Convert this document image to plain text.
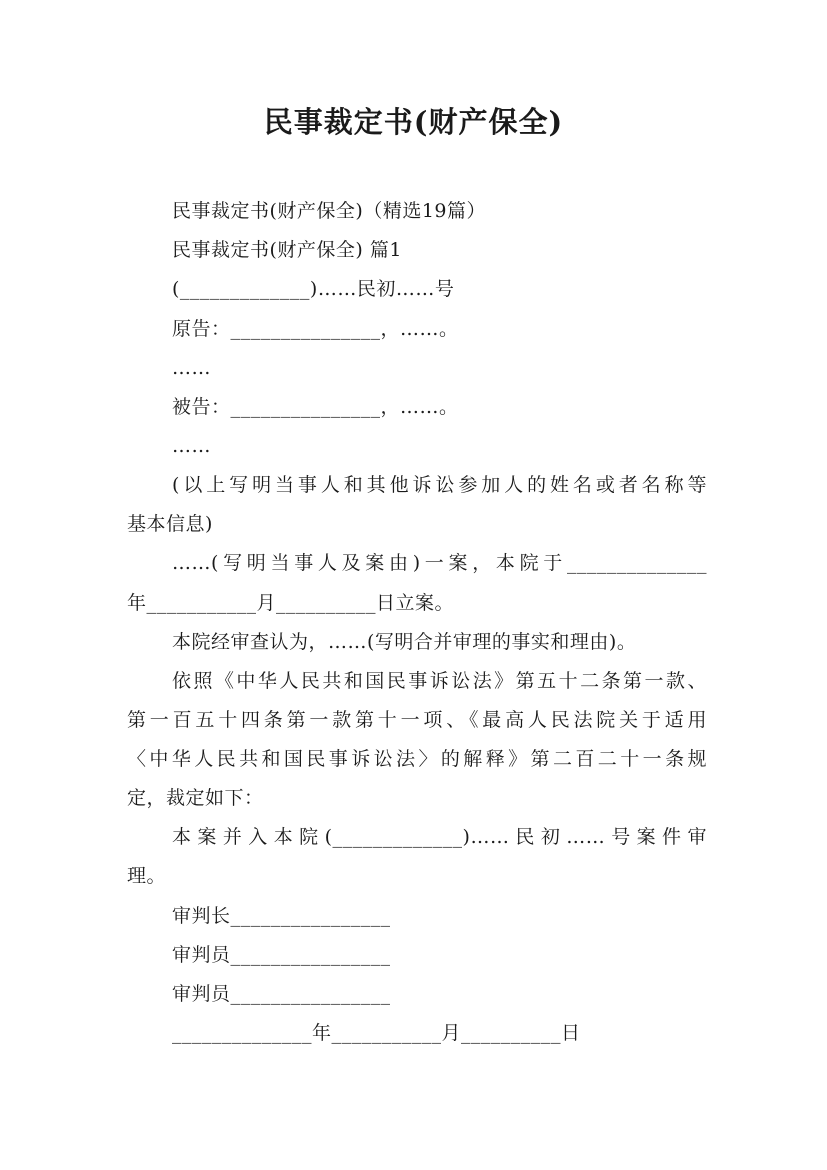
民事裁定书(财产保全)
民事裁定书(财产保全)（精选19篇）
民事裁定书(财产保全) 篇1
(_____________)……民初……号
原告：_______________，……。
……
被告：_______________，……。
……
(以上写明当事人和其他诉讼参加人的姓名或者名称等
基本信息)
……(写明当事人及案由)一案，本院于______________
年___________月__________日立案。
本院经审查认为，……(写明合并审理的事实和理由)。
依照《中华人民共和国民事诉讼法》第五十二条第一款、
第一百五十四条第一款第十一项、《最高人民法院关于适用
〈中华人民共和国民事诉讼法〉的解释》第二百二十一条规
定，裁定如下：
本案并入本院(_____________)……民初……号案件审
理。
审判长________________
审判员________________
审判员________________
______________年___________月__________日
